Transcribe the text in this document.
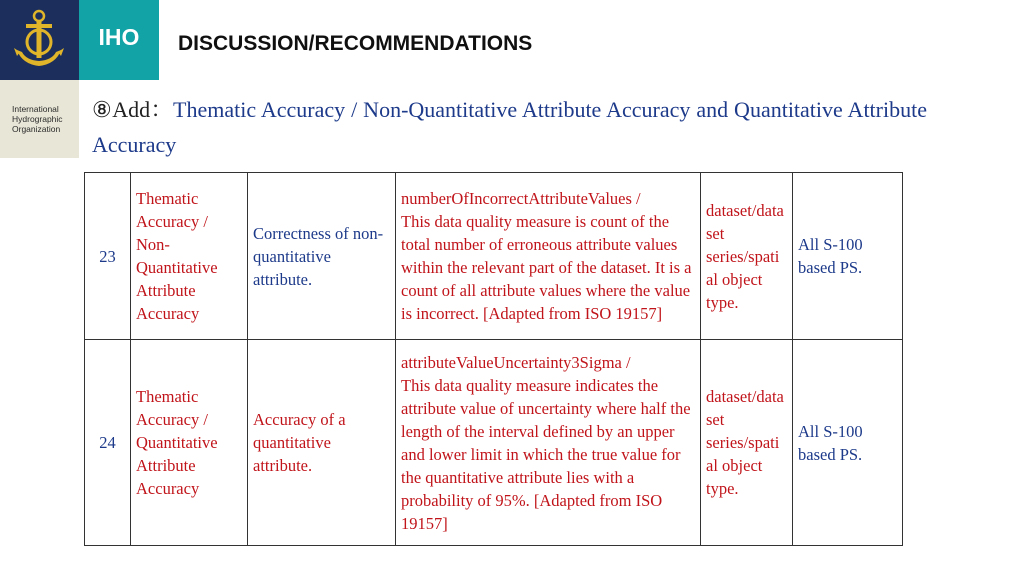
IHO
International
Hydrographic
Organization
DISCUSSION/RECOMMENDATIONS
⑧Add：Thematic Accuracy / Non-Quantitative Attribute Accuracy and Quantitative Attribute Accuracy
23	Thematic Accuracy / Non-Quantitative Attribute Accuracy	Correctness of non-quantitative attribute.	numberOfIncorrectAttributeValues /
This data quality measure is count of the total number of erroneous attribute values within the relevant part of the dataset. It is a count of all attribute values where the value is incorrect. [Adapted from ISO 19157]	dataset/data set series/spati al object type.	All S-100 based PS.
24	Thematic Accuracy / Quantitative Attribute Accuracy	Accuracy of a quantitative attribute.	attributeValueUncertainty3Sigma /
This data quality measure indicates the attribute value of uncertainty where half the length of the interval defined by an upper and lower limit in which the true value for the quantitative attribute lies with a probability of 95%. [Adapted from ISO 19157]	dataset/data set series/spati al object type.	All S-100 based PS.
